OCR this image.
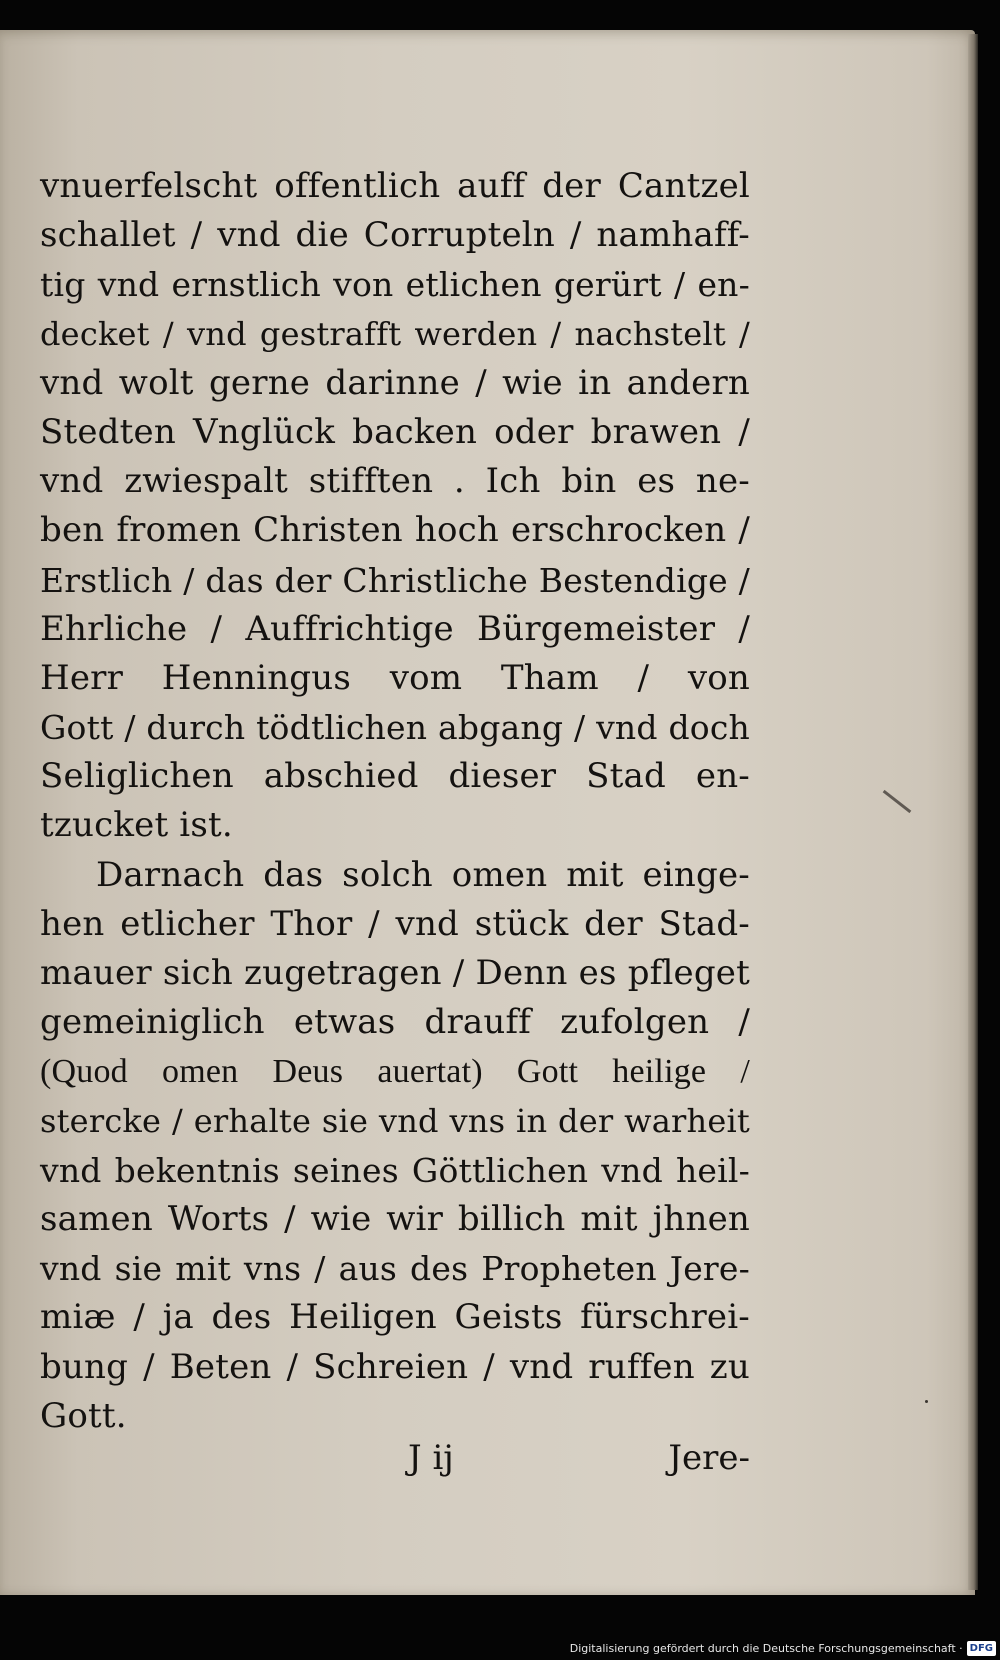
vnuerfelscht offentlich auff der Cantzel
schallet / vnd die Corrupteln / namhaff-
tig vnd ernstlich von etlichen gerürt / en-
decket / vnd gestrafft werden / nachstelt /
vnd wolt gerne darinne / wie in andern
Stedten Vnglück backen oder brawen /
vnd zwiespalt stifften . Ich bin es ne-
ben fromen Christen hoch erschrocken /
Erstlich / das der Christliche Bestendige /
Ehrliche / Auffrichtige Bürgemeister /
Herr Henningus vom Tham / von
Gott / durch tödtlichen abgang / vnd doch
Seliglichen abschied dieser Stad en-
tzucket ist.
Darnach das solch omen mit einge-
hen etlicher Thor / vnd stück der Stad-
mauer sich zugetragen / Denn es pfleget
gemeiniglich etwas drauff zufolgen /
(Quod omen Deus auertat) Gott heilige /
stercke / erhalte sie vnd vns in der warheit
vnd bekentnis seines Göttlichen vnd heil-
samen Worts / wie wir billich mit jhnen
vnd sie mit vns / aus des Propheten Jere-
miæ / ja des Heiligen Geists fürschrei-
bung / Beten / Schreien / vnd ruffen zu
Gott.
J ij	Jere-
Digitalisierung gefördert durch die Deutsche Forschungsgemeinschaft · DFG
